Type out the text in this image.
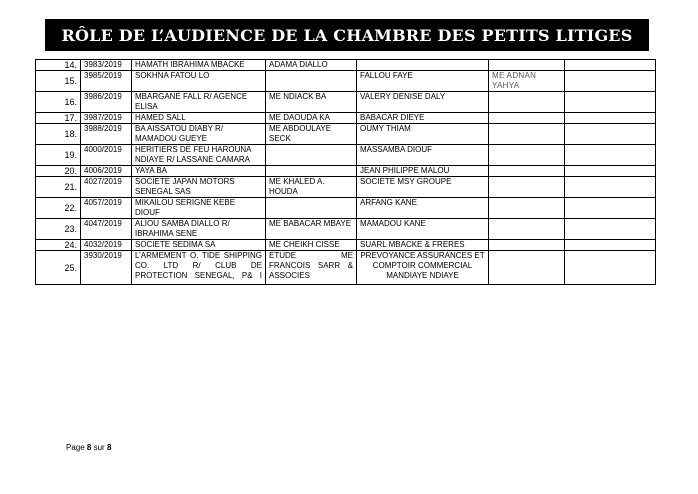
RÔLE DE L’AUDIENCE DE LA CHAMBRE DES PETITS LITIGES
14.	3983/2019	HAMATH IBRAHIMA MBACKE	ADAMA DIALLO			
15.	3985/2019	SOKHNA FATOU LO		FALLOU FAYE	ME ADNAN YAHYA	
16.	3986/2019	MBARGANE FALL R/ AGENCE ELISA	ME NDIACK BA	VALERY DENISE DALY		
17.	3987/2019	HAMED SALL	ME DAOUDA KA	BABACAR DIEYE		
18.	3988/2019	BA AISSATOU DIABY R/ MAMADOU GUEYE	ME ABDOULAYE SECK	OUMY THIAM		
19.	4000/2019	HERITIERS DE FEU HAROUNA NDIAYE R/ LASSANE CAMARA		MASSAMBA DIOUF		
20.	4006/2019	YAYA BA		JEAN PHILIPPE MALOU		
21.	4027/2019	SOCIETE JAPAN MOTORS SENEGAL SAS	ME KHALED A. HOUDA	SOCIETE MSY GROUPE		
22.	4057/2019	MIKAILOU SERIGNE KEBE DIOUF		ARFANG KANE		
23.	4047/2019	ALIOU SAMBA DIALLO R/ IBRAHIMA SENE	ME BABACAR MBAYE	MAMADOU KANE		
24.	4032/2019	SOCIETE SEDIMA SA	ME CHEIKH CISSE	SUARL MBACKE & FRERES		
25.	3930/2019	L’ARMEMENT O. TIDE SHIPPING CO. LTD R/ CLUB DE PROTECTION SENEGAL, P& I	ETUDE ME FRANCOIS SARR & ASSOCIES	PREVOYANCE ASSURANCES ET COMPTOIR COMMERCIAL MANDIAYE NDIAYE		
Page 8 sur 8
